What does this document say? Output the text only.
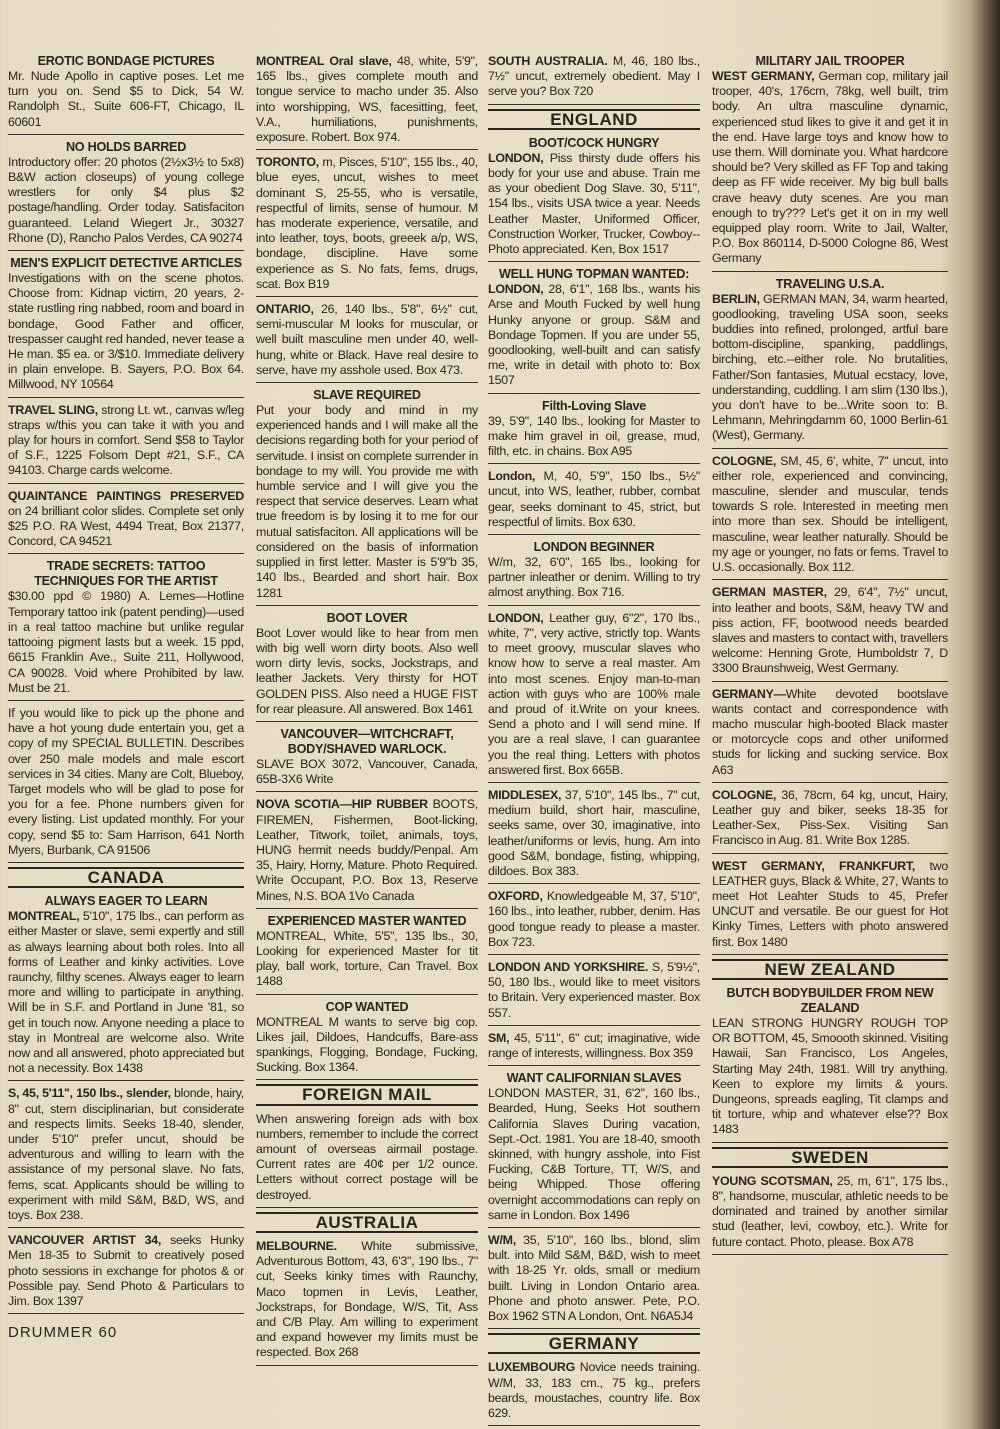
EROTIC BONDAGE PICTURES
Mr. Nude Apollo in captive poses. Let me turn you on. Send $5 to Dick, 54 W. Randolph St., Suite 606-FT, Chicago, IL 60601
NO HOLDS BARRED
Introductory offer: 20 photos (2½x3½ to 5x8) B&W action closeups) of young college wrestlers for only $4 plus $2 postage/handling. Order today. Satisfaciton guaranteed. Leland Wiegert Jr., 30327 Rhone (D), Rancho Palos Verdes, CA 90274
MEN'S EXPLICIT DETECTIVE ARTICLES
Investigations with on the scene photos. Choose from: Kidnap victim, 20 years, 2-state rustling ring nabbed, room and board in bondage, Good Father and officer, trespasser caught red handed, never tease a He man. $5 ea. or 3/$10. Immediate delivery in plain envelope. B. Sayers, P.O. Box 64. Millwood, NY 10564
TRAVEL SLING, strong Lt. wt., canvas w/leg straps w/this you can take it with you and play for hours in comfort. Send $58 to Taylor of S.F., 1225 Folsom Dept #21, S.F., CA 94103. Charge cards welcome.
QUAINTANCE PAINTINGS PRESERVED on 24 brilliant color slides. Complete set only $25 P.O. RA West, 4494 Treat, Box 21377, Concord, CA 94521
TRADE SECRETS: TATTOO TECHNIQUES FOR THE ARTIST
$30.00 ppd © 1980) A. Lemes—Hotline Temporary tattoo ink (patent pending)—used in a real tattoo machine but unlike regular tattooing pigment lasts but a week. 15 ppd, 6615 Franklin Ave., Suite 211, Hollywood, CA 90028. Void where Prohibited by law. Must be 21.
If you would like to pick up the phone and have a hot young dude entertain you, get a copy of my SPECIAL BULLETIN. Describes over 250 male models and male escort services in 34 cities. Many are Colt, Blueboy, Target models who will be glad to pose for you for a fee. Phone numbers given for every listing. List updated monthly. For your copy, send $5 to: Sam Harrison, 641 North Myers, Burbank, CA 91506
CANADA
ALWAYS EAGER TO LEARN
MONTREAL, 5'10", 175 lbs., can perform as either Master or slave, semi expertly and still as always learning about both roles. Into all forms of Leather and kinky activities. Love raunchy, filthy scenes. Always eager to learn more and willing to participate in anything. Will be in S.F. and Portland in June '81, so get in touch now. Anyone needing a place to stay in Montreal are welcome also. Write now and all answered, photo appreciated but not a necessity. Box 1438
S, 45, 5'11", 150 lbs., slender, blonde, hairy, 8" cut, stern disciplinarian, but considerate and respects limits. Seeks 18-40, slender, under 5'10" prefer uncut, should be adventurous and willing to learn with the assistance of my personal slave. No fats, fems, scat. Applicants should be willing to experiment with mild S&M, B&D, WS, and toys. Box 238.
VANCOUVER ARTIST 34, seeks Hunky Men 18-35 to Submit to creatively posed photo sessions in exchange for photos & or Possible pay. Send Photo & Particulars to Jim. Box 1397
DRUMMER 60
MONTREAL Oral slave, 48, white, 5'9", 165 lbs., gives complete mouth and tongue service to macho under 35. Also into worshipping, WS, facesitting, feet, V.A., humiliations, punishments, exposure. Robert. Box 974.
TORONTO, m, Pisces, 5'10", 155 lbs., 40, blue eyes, uncut, wishes to meet dominant S, 25-55, who is versatile, respectful of limits, sense of humour. M has moderate experience, versatile, and into leather, toys, boots, greeek a/p, WS, bondage, discipline. Have some experience as S. No fats, fems, drugs, scat. Box B19
ONTARIO, 26, 140 lbs., 5'8", 6½" cut, semi-muscular M looks for muscular, or well built masculine men under 40, well-hung, white or Black. Have real desire to serve, have my asshole used. Box 473.
SLAVE REQUIRED
Put your body and mind in my experienced hands and I will make all the decisions regarding both for your period of servitude. I insist on complete surrender in bondage to my will. You provide me with humble service and I will give you the respect that service deserves. Learn what true freedom is by losing it to me for our mutual satisfaciton. All applications will be considered on the basis of information supplied in first letter. Master is 5'9"b 35, 140 lbs., Bearded and short hair. Box 1281
BOOT LOVER
Boot Lover would like to hear from men with big well worn dirty boots. Also well worn dirty levis, socks, Jockstraps, and leather Jackets. Very thirsty for HOT GOLDEN PISS. Also need a HUGE FIST for rear pleasure. All answered. Box 1461
VANCOUVER—WITCHCRAFT, BODY/SHAVED WARLOCK.
SLAVE BOX 3072, Vancouver, Canada, 65B-3X6 Write
NOVA SCOTIA—HIP RUBBER BOOTS, FIREMEN, Fishermen, Boot-licking, Leather, Titwork, toilet, animals, toys, HUNG hermit needs buddy/Penpal. Am 35, Hairy, Horny, Mature. Photo Required. Write Occupant, P.O. Box 13, Reserve Mines, N.S. BOA 1Vo Canada
EXPERIENCED MASTER WANTED
MONTREAL, White, 5'5", 135 lbs., 30, Looking for experienced Master for tit play, ball work, torture, Can Travel. Box 1488
COP WANTED
MONTREAL M wants to serve big cop. Likes jail, Dildoes, Handcuffs, Bare-ass spankings, Flogging, Bondage, Fucking, Sucking. Box 1364.
FOREIGN MAIL
When answering foreign ads with box numbers, remember to include the correct amount of overseas airmail postage. Current rates are 40¢ per 1/2 ounce. Letters without correct postage will be destroyed.
AUSTRALIA
MELBOURNE. White submissive, Adventurous Bottom, 43, 6'3", 190 lbs., 7" cut, Seeks kinky times with Raunchy, Maco topmen in Levis, Leather, Jockstraps, for Bondage, W/S, Tit, Ass and C/B Play. Am willing to experiment and expand however my limits must be respected. Box 268
SOUTH AUSTRALIA. M, 46, 180 lbs., 7½" uncut, extremely obedient. May I serve you? Box 720
ENGLAND
BOOT/COCK HUNGRY
LONDON, Piss thirsty dude offers his body for your use and abuse. Train me as your obedient Dog Slave. 30, 5'11", 154 lbs., visits USA twice a year. Needs Leather Master, Uniformed Officer, Construction Worker, Trucker, Cowboy--Photo appreciated. Ken, Box 1517
WELL HUNG TOPMAN WANTED:
LONDON, 28, 6'1", 168 lbs., wants his Arse and Mouth Fucked by well hung Hunky anyone or group. S&M and Bondage Topmen. If you are under 55, goodlooking, well-built and can satisfy me, write in detail with photo to: Box 1507
Filth-Loving Slave
39, 5'9", 140 lbs., looking for Master to make him gravel in oil, grease, mud, filth, etc. in chains. Box A95
London, M, 40, 5'9", 150 lbs., 5½" uncut, into WS, leather, rubber, combat gear, seeks dominant to 45, strict, but respectful of limits. Box 630.
LONDON BEGINNER
W/m, 32, 6'0", 165 lbs., looking for partner inleather or denim. Willing to try almost anything. Box 716.
LONDON, Leather guy, 6"2", 170 lbs., white, 7", very active, strictly top. Wants to meet groovy, muscular slaves who know how to serve a real master. Am into most scenes. Enjoy man-to-man action with guys who are 100% male and proud of it.Write on your knees. Send a photo and I will send mine. If you are a real slave, I can guarantee you the real thing. Letters with photos answered first. Box 665B.
MIDDLESEX, 37, 5'10", 145 lbs., 7" cut, medium build, short hair, masculine, seeks same, over 30, imaginative, into leather/uniforms or levis, hung. Am into good S&M, bondage, fisting, whipping, dildoes. Box 383.
OXFORD, Knowledgeable M, 37, 5'10", 160 lbs., into leather, rubber, denim. Has good tongue ready to please a master. Box 723.
LONDON AND YORKSHIRE. S, 5'9½", 50, 180 lbs., would like to meet visitors to Britain. Very experienced master. Box 557.
SM, 45, 5'11", 6" cut; imaginative, wide range of interests, willingness. Box 359
WANT CALIFORNIAN SLAVES
LONDON MASTER, 31, 6'2", 160 lbs., Bearded, Hung, Seeks Hot southern California Slaves During vacation, Sept.-Oct. 1981. You are 18-40, smooth skinned, with hungry asshole, into Fist Fucking, C&B Torture, TT, W/S, and being Whipped. Those offering overnight accommodations can reply on same in London. Box 1496
W/M, 35, 5'10", 160 lbs., blond, slim bult. into Mild S&M, B&D, wish to meet with 18-25 Yr. olds, small or medium built. Living in London Ontario area. Phone and photo answer. Pete, P.O. Box 1962 STN A London, Ont. N6A5J4
GERMANY
LUXEMBOURG Novice needs training. W/M, 33, 183 cm., 75 kg., prefers beards, moustaches, country life. Box 629.
MILITARY JAIL TROOPER
WEST GERMANY, German cop, military jail trooper, 40's, 176cm, 78kg, well built, trim body. An ultra masculine dynamic, experienced stud likes to give it and get it in the end. Have large toys and know how to use them. Will dominate you. What hardcore should be? Very skilled as FF Top and taking deep as FF wide receiver. My big bull balls crave heavy duty scenes. Are you man enough to try??? Let's get it on in my well equipped play room. Write to Jail, Walter, P.O. Box 860114, D-5000 Cologne 86, West Germany
TRAVELING U.S.A.
BERLIN, GERMAN MAN, 34, warm hearted, goodlooking, traveling USA soon, seeks buddies into refined, prolonged, artful bare bottom-discipline, spanking, paddlings, birching, etc.--either role. No brutalities, Father/Son fantasies, Mutual ecstacy, love, understanding, cuddling. I am slim (130 lbs.), you don't have to be...Write soon to: B. Lehmann, Mehringdamm 60, 1000 Berlin-61 (West), Germany.
COLOGNE, SM, 45, 6', white, 7" uncut, into either role, experienced and convincing, masculine, slender and muscular, tends towards S role. Interested in meeting men into more than sex. Should be intelligent, masculine, wear leather naturally. Should be my age or younger, no fats or fems. Travel to U.S. occasionally. Box 112.
GERMAN MASTER, 29, 6'4", 7½" uncut, into leather and boots, S&M, heavy TW and piss action, FF, bootwood needs bearded slaves and masters to contact with, travellers welcome: Henning Grote, Humboldstr 7, D 3300 Braunshweig, West Germany.
GERMANY—White devoted bootslave wants contact and correspondence with macho muscular high-booted Black master or motorcycle cops and other uniformed studs for licking and sucking service. Box A63
COLOGNE, 36, 78cm, 64 kg, uncut, Hairy, Leather guy and biker, seeks 18-35 for Leather-Sex, Piss-Sex. Visiting San Francisco in Aug. 81. Write Box 1285.
WEST GERMANY, FRANKFURT, two LEATHER guys, Black & White, 27, Wants to meet Hot Leahter Studs to 45, Prefer UNCUT and versatile. Be our guest for Hot Kinky Times, Letters with photo answered first. Box 1480
NEW ZEALAND
BUTCH BODYBUILDER FROM NEW ZEALAND
LEAN STRONG HUNGRY ROUGH TOP OR BOTTOM, 45, Smoooth skinned. Visiting Hawaii, San Francisco, Los Angeles, Starting May 24th, 1981. Will try anything. Keen to explore my limits & yours. Dungeons, spreads eagling, Tit clamps and tit torture, whip and whatever else?? Box 1483
SWEDEN
YOUNG SCOTSMAN, 25, m, 6'1", 175 lbs., 8", handsome, muscular, athletic needs to be dominated and trained by another similar stud (leather, levi, cowboy, etc.). Write for future contact. Photo, please. Box A78
